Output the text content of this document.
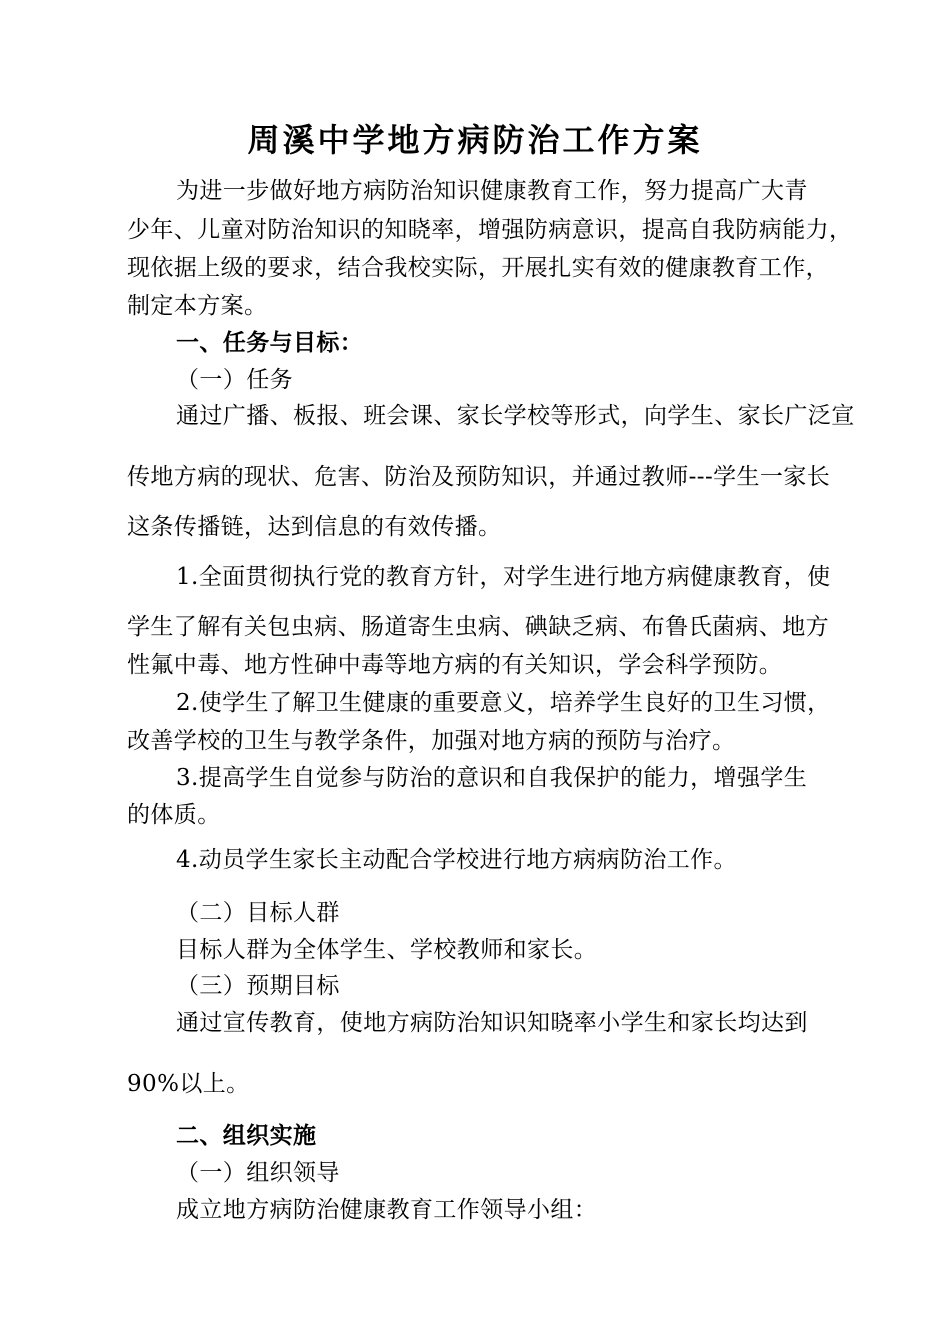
周溪中学地方病防治工作方案
为进一步做好地方病防治知识健康教育工作，努力提高广大青
少年、儿童对防治知识的知晓率，增强防病意识，提高自我防病能力，
现依据上级的要求，结合我校实际，开展扎实有效的健康教育工作，
制定本方案。
一、任务与目标：
（一）任务
通过广播、板报、班会课、家长学校等形式，向学生、家长广泛宣
传地方病的现状、危害、防治及预防知识，并通过教师---学生一家长
这条传播链，达到信息的有效传播。
1.全面贯彻执行党的教育方针，对学生进行地方病健康教育，使
学生了解有关包虫病、肠道寄生虫病、碘缺乏病、布鲁氏菌病、地方
性氟中毒、地方性砷中毒等地方病的有关知识，学会科学预防。
2.使学生了解卫生健康的重要意义，培养学生良好的卫生习惯，
改善学校的卫生与教学条件，加强对地方病的预防与治疗。
3.提高学生自觉参与防治的意识和自我保护的能力，增强学生
的体质。
4.动员学生家长主动配合学校进行地方病病防治工作。
（二）目标人群
目标人群为全体学生、学校教师和家长。
（三）预期目标
通过宣传教育，使地方病防治知识知晓率小学生和家长均达到
90%以上。
二、组织实施
（一）组织领导
成立地方病防治健康教育工作领导小组：
